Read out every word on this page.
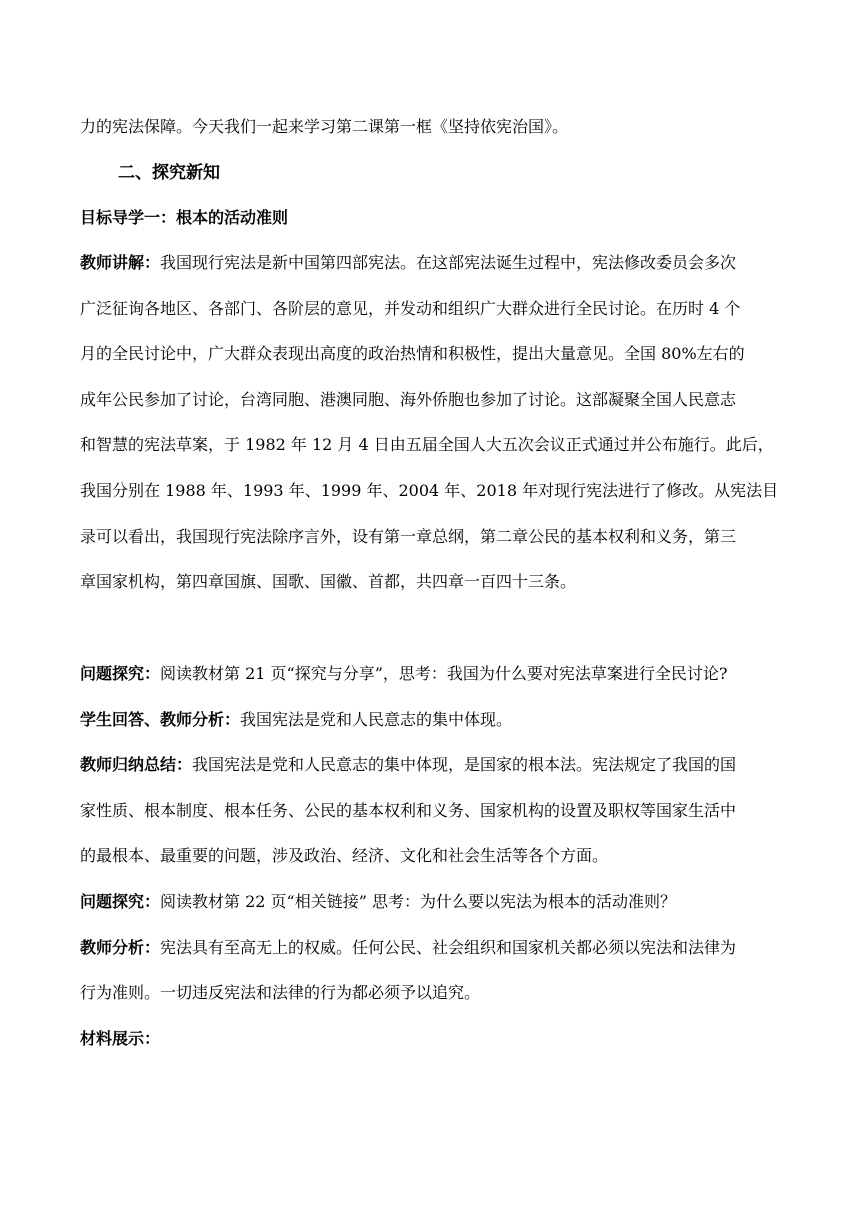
力的宪法保障。今天我们一起来学习第二课第一框《坚持依宪治国》。
二、探究新知
目标导学一：根本的活动准则
教师讲解：我国现行宪法是新中国第四部宪法。在这部宪法诞生过程中，宪法修改委员会多次
广泛征询各地区、各部门、各阶层的意见，并发动和组织广大群众进行全民讨论。在历时 4 个
月的全民讨论中，广大群众表现出高度的政治热情和积极性，提出大量意见。全国 80%左右的
成年公民参加了讨论，台湾同胞、港澳同胞、海外侨胞也参加了讨论。这部凝聚全国人民意志
和智慧的宪法草案，于 1982 年 12 月 4 日由五届全国人大五次会议正式通过并公布施行。此后，
我国分别在 1988 年、1993 年、1999 年、2004 年、2018 年对现行宪法进行了修改。从宪法目
录可以看出，我国现行宪法除序言外，设有第一章总纲，第二章公民的基本权利和义务，第三
章国家机构，第四章国旗、国歌、国徽、首都，共四章一百四十三条。
问题探究：阅读教材第 21 页“探究与分享”，思考：我国为什么要对宪法草案进行全民讨论?
学生回答、教师分析：我国宪法是党和人民意志的集中体现。
教师归纳总结：我国宪法是党和人民意志的集中体现，是国家的根本法。宪法规定了我国的国
家性质、根本制度、根本任务、公民的基本权利和义务、国家机构的设置及职权等国家生活中
的最根本、最重要的问题，涉及政治、经济、文化和社会生活等各个方面。
问题探究：阅读教材第 22 页“相关链接” 思考：为什么要以宪法为根本的活动准则？
教师分析：宪法具有至高无上的权威。任何公民、社会组织和国家机关都必须以宪法和法律为
行为准则。一切违反宪法和法律的行为都必须予以追究。
材料展示：
